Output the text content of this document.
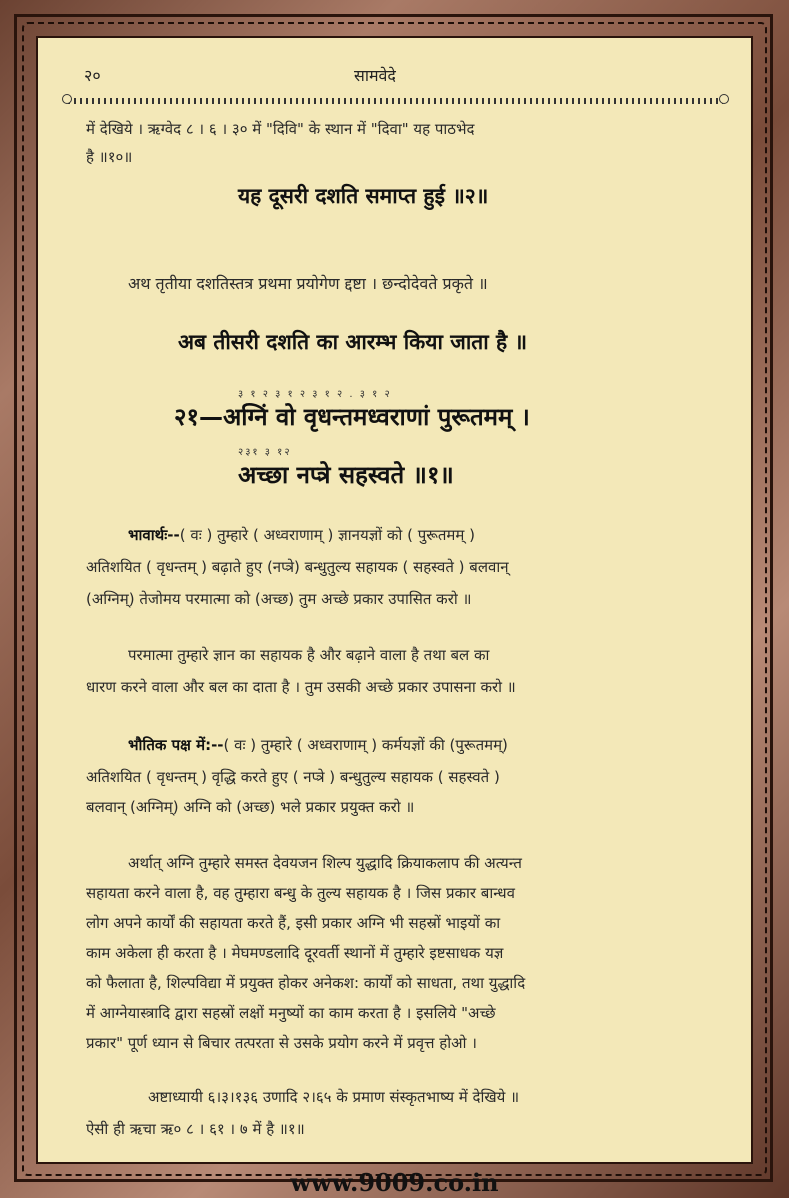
२०	सामवेदे
में देखिये । ऋग्वेद ८ । ६ । ३० में "दिवि" के स्थान में "दिवा" यह पाठभेद
है ॥१०॥
यह दूसरी दशति समाप्त हुई ॥२॥
अथ तृतीया दशतिस्तत्र प्रथमा प्रयोगेण द्दष्टा । छन्दोदेवते प्रकृते ॥
अब तीसरी दशति का आरम्भ किया जाता है ॥
३ १ २ ३ १ २ ३ १ २ . ३ १ २
२१—अग्निं वो वृधन्तमध्वराणां पुरूतमम् ।
२३१ ३ १२
अच्छा नप्त्रे सहस्वते ॥१॥
भावार्थः--( वः ) तुम्हारे ( अध्वराणाम् ) ज्ञानयज्ञों को ( पुरूतमम् )
अतिशयित ( वृधन्तम् ) बढ़ाते हुए (नप्त्रे) बन्धुतुल्य सहायक ( सहस्वते ) बलवान्
(अग्निम्) तेजोमय परमात्मा को (अच्छ) तुम अच्छे प्रकार उपासित करो ॥
परमात्मा तुम्हारे ज्ञान का सहायक है और बढ़ाने वाला है तथा बल का
धारण करने वाला और बल का दाता है । तुम उसकी अच्छे प्रकार उपासना करो ॥
भौतिक पक्ष में:--( वः ) तुम्हारे ( अध्वराणाम् ) कर्मयज्ञों की (पुरूतमम्)
अतिशयित ( वृधन्तम् ) वृद्धि करते हुए ( नप्त्रे ) बन्धुतुल्य सहायक ( सहस्वते )
बलवान् (अग्निम्) अग्नि को (अच्छ) भले प्रकार प्रयुक्त करो ॥
अर्थात् अग्नि तुम्हारे समस्त देवयजन शिल्प युद्धादि क्रियाकलाप की अत्यन्त
सहायता करने वाला है, वह तुम्हारा बन्धु के तुल्य सहायक है । जिस प्रकार बान्धव
लोग अपने कार्यों की सहायता करते हैं, इसी प्रकार अग्नि भी सहस्रों भाइयों का
काम अकेला ही करता है । मेघमण्डलादि दूरवर्ती स्थानों में तुम्हारे इष्टसाधक यज्ञ
को फैलाता है, शिल्पविद्या में प्रयुक्त होकर अनेकश: कार्यों को साधता, तथा युद्धादि
में आग्नेयास्त्रादि द्वारा सहस्रों लक्षों मनुष्यों का काम करता है । इसलिये "अच्छे
प्रकार" पूर्ण ध्यान से बिचार तत्परता से उसके प्रयोग करने में प्रवृत्त होओ ।
अष्टाध्यायी ६।३।१३६ उणादि २।६५ के प्रमाण संस्कृतभाष्य में देखिये ॥
ऐसी ही ऋचा ऋ० ८ । ६१ । ७ में है ॥१॥
www.9009.co.in
